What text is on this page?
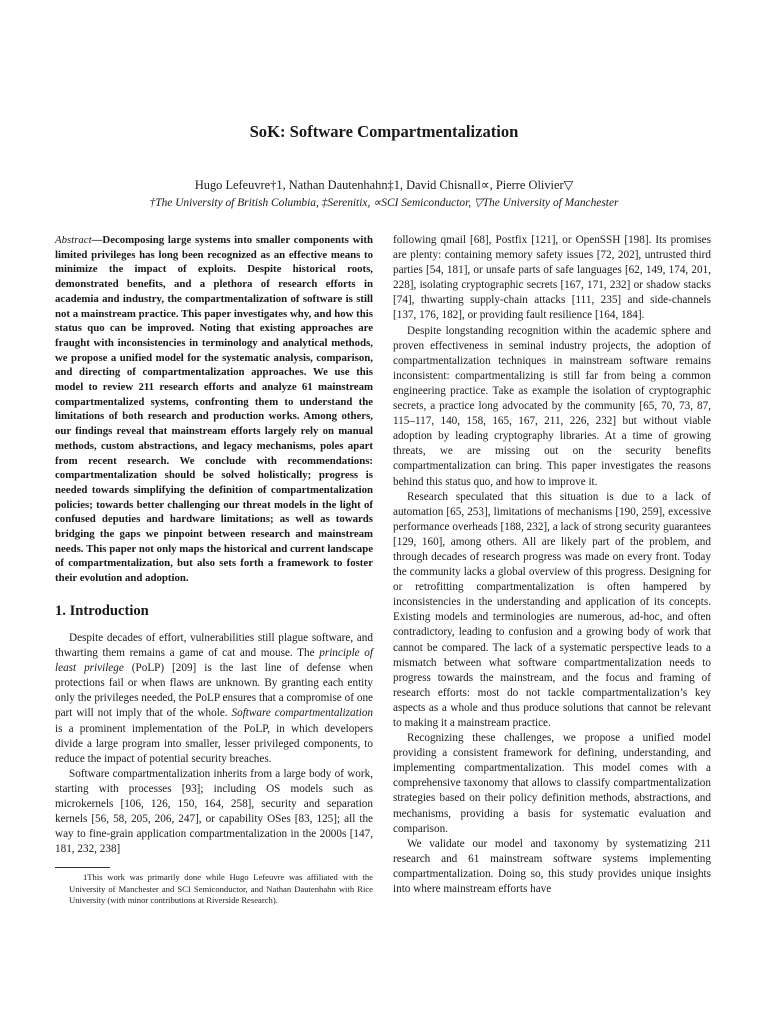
SoK: Software Compartmentalization
Hugo Lefeuvre†1, Nathan Dautenhahn‡1, David Chisnall∝, Pierre Olivier▽
†The University of British Columbia, ‡Serenitix, ∝SCI Semiconductor, ▽The University of Manchester

Abstract—Decomposing large systems into smaller components with limited privileges has long been recognized as an effective means to minimize the impact of exploits. Despite historical roots, demonstrated benefits, and a plethora of research efforts in academia and industry, the compartmentalization of software is still not a mainstream practice. This paper investigates why, and how this status quo can be improved. Noting that existing approaches are fraught with inconsistencies in terminology and analytical methods, we propose a unified model for the systematic analysis, comparison, and directing of compartmentalization approaches. We use this model to review 211 research efforts and analyze 61 mainstream compartmentalized systems, confronting them to understand the limitations of both research and production works. Among others, our findings reveal that mainstream efforts largely rely on manual methods, custom abstractions, and legacy mechanisms, poles apart from recent research. We conclude with recommendations: compartmentalization should be solved holistically; progress is needed towards simplifying the definition of compartmentalization policies; towards better challenging our threat models in the light of confused deputies and hardware limitations; as well as towards bridging the gaps we pinpoint between research and mainstream needs. This paper not only maps the historical and current landscape of compartmentalization, but also sets forth a framework to foster their evolution and adoption.

1. Introduction

Despite decades of effort, vulnerabilities still plague software, and thwarting them remains a game of cat and mouse. The principle of least privilege (PoLP) [209] is the last line of defense when protections fail or when flaws are unknown. By granting each entity only the privileges needed, the PoLP ensures that a compromise of one part will not imply that of the whole. Software compartmentalization is a prominent implementation of the PoLP, in which developers divide a large program into smaller, lesser privileged components, to reduce the impact of potential security breaches.

Software compartmentalization inherits from a large body of work, starting with processes [93]; including OS models such as microkernels [106, 126, 150, 164, 258], security and separation kernels [56, 58, 205, 206, 247], or capability OSes [83, 125]; all the way to fine-grain application compartmentalization in the 2000s [147, 181, 232, 238]

1This work was primarily done while Hugo Lefeuvre was affiliated with the University of Manchester and SCI Semiconductor, and Nathan Dautenhahn with Rice University (with minor contributions at Riverside Research).

following qmail [68], Postfix [121], or OpenSSH [198]. Its promises are plenty: containing memory safety issues [72, 202], untrusted third parties [54, 181], or unsafe parts of safe languages [62, 149, 174, 201, 228], isolating cryptographic secrets [167, 171, 232] or shadow stacks [74], thwarting supply-chain attacks [111, 235] and side-channels [137, 176, 182], or providing fault resilience [164, 184].

Despite longstanding recognition within the academic sphere and proven effectiveness in seminal industry projects, the adoption of compartmentalization techniques in mainstream software remains inconsistent: compartmentalizing is still far from being a common engineering practice. Take as example the isolation of cryptographic secrets, a practice long advocated by the community [65, 70, 73, 87, 115–117, 140, 158, 165, 167, 211, 226, 232] but without viable adoption by leading cryptography libraries. At a time of growing threats, we are missing out on the security benefits compartmentalization can bring. This paper investigates the reasons behind this status quo, and how to improve it.

Research speculated that this situation is due to a lack of automation [65, 253], limitations of mechanisms [190, 259], excessive performance overheads [188, 232], a lack of strong security guarantees [129, 160], among others. All are likely part of the problem, and through decades of research progress was made on every front. Today the community lacks a global overview of this progress. Designing for or retrofitting compartmentalization is often hampered by inconsistencies in the understanding and application of its concepts. Existing models and terminologies are numerous, ad-hoc, and often contradictory, leading to confusion and a growing body of work that cannot be compared. The lack of a systematic perspective leads to a mismatch between what software compartmentalization needs to progress towards the mainstream, and the focus and framing of research efforts: most do not tackle compartmentalization’s key aspects as a whole and thus produce solutions that cannot be relevant to making it a mainstream practice.

Recognizing these challenges, we propose a unified model providing a consistent framework for defining, understanding, and implementing compartmentalization. This model comes with a comprehensive taxonomy that allows to classify compartmentalization strategies based on their policy definition methods, abstractions, and mechanisms, providing a basis for systematic evaluation and comparison.

We validate our model and taxonomy by systematizing 211 research and 61 mainstream software systems implementing compartmentalization. Doing so, this study provides unique insights into where mainstream efforts have
